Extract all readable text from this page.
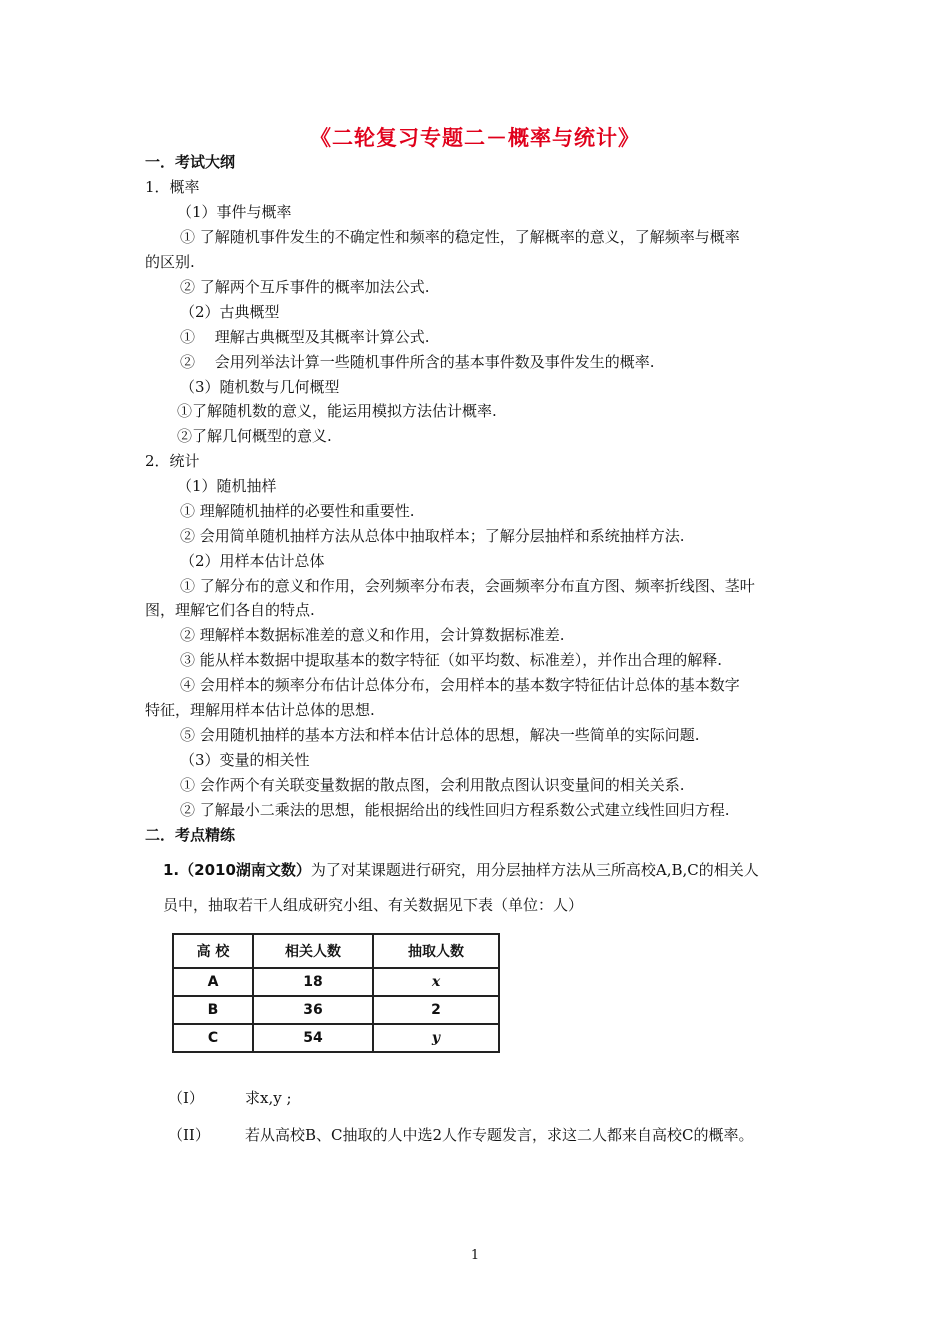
《二轮复习专题二－概率与统计》
一．考试大纲
1．概率
（1）事件与概率
① 了解随机事件发生的不确定性和频率的稳定性，了解概率的意义，了解频率与概率
的区别.
② 了解两个互斥事件的概率加法公式.
（2）古典概型
①　 理解古典概型及其概率计算公式.
②　 会用列举法计算一些随机事件所含的基本事件数及事件发生的概率.
（3）随机数与几何概型
①了解随机数的意义，能运用模拟方法估计概率.
②了解几何概型的意义.
2．统计
（1）随机抽样
① 理解随机抽样的必要性和重要性.
② 会用简单随机抽样方法从总体中抽取样本；了解分层抽样和系统抽样方法.
（2）用样本估计总体
① 了解分布的意义和作用，会列频率分布表，会画频率分布直方图、频率折线图、茎叶
图，理解它们各自的特点.
② 理解样本数据标准差的意义和作用，会计算数据标准差.
③ 能从样本数据中提取基本的数字特征（如平均数、标准差），并作出合理的解释.
④ 会用样本的频率分布估计总体分布，会用样本的基本数字特征估计总体的基本数字
特征，理解用样本估计总体的思想.
⑤ 会用随机抽样的基本方法和样本估计总体的思想，解决一些简单的实际问题.
（3）变量的相关性
① 会作两个有关联变量数据的散点图，会利用散点图认识变量间的相关关系.
② 了解最小二乘法的思想，能根据给出的线性回归方程系数公式建立线性回归方程.
二．考点精练
1.（2010湖南文数）为了对某课题进行研究，用分层抽样方法从三所高校A,B,C的相关人
员中，抽取若干人组成研究小组、有关数据见下表（单位：人）
高 校	相关人数	抽取人数
A	18	x
B	36	2
C	54	y
（I）	求x,y ;
（II） 若从高校B、C抽取的人中选2人作专题发言，求这二人都来自高校C的概率。
1
